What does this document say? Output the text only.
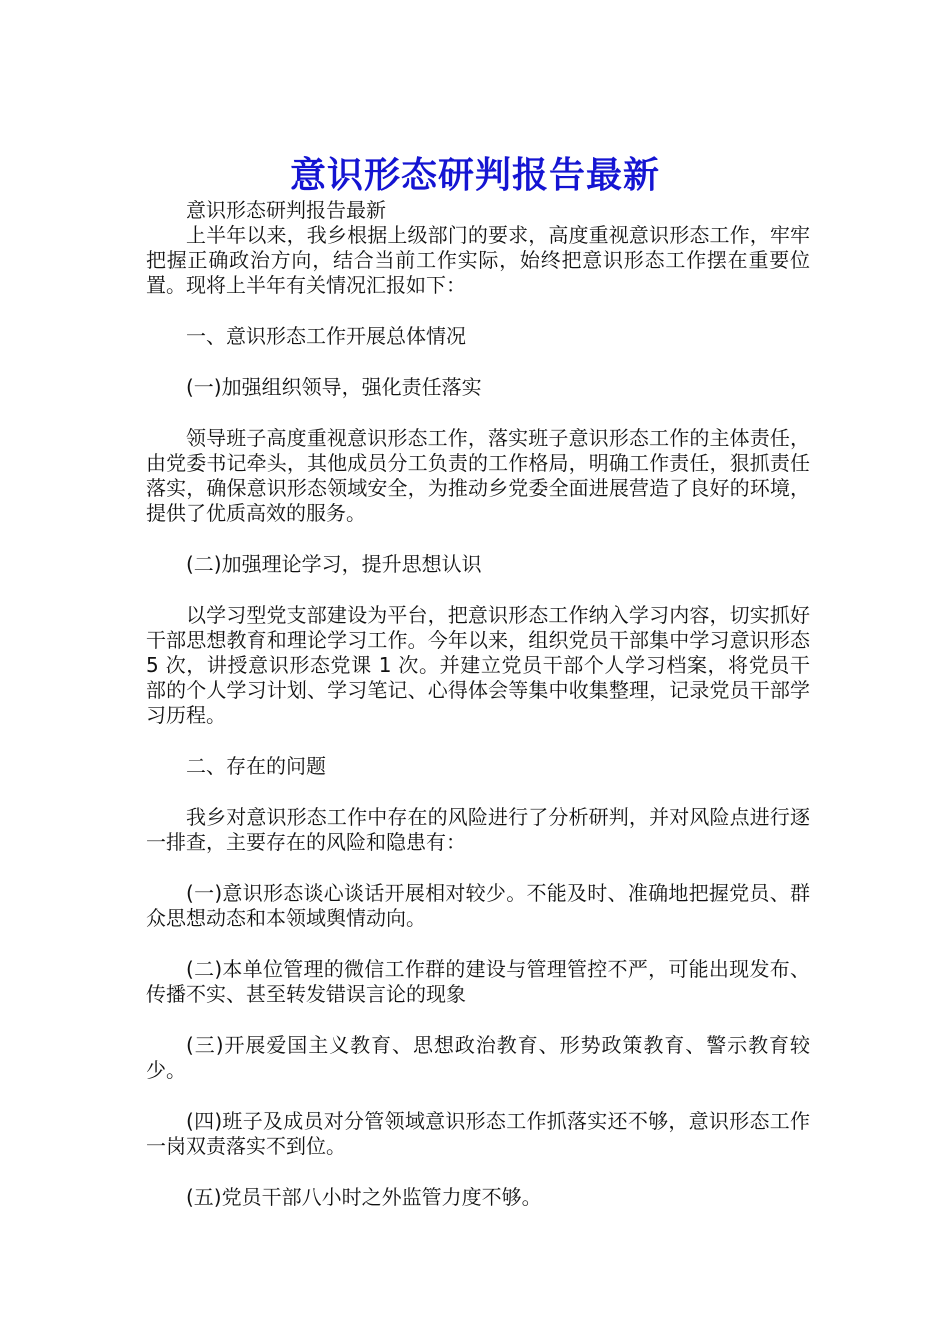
意识形态研判报告最新

意识形态研判报告最新

上半年以来，我乡根据上级部门的要求，高度重视意识形态工作，牢牢把握正确政治方向，结合当前工作实际，始终把意识形态工作摆在重要位置。现将上半年有关情况汇报如下：

一、意识形态工作开展总体情况

(一)加强组织领导，强化责任落实

领导班子高度重视意识形态工作，落实班子意识形态工作的主体责任，由党委书记牵头，其他成员分工负责的工作格局，明确工作责任，狠抓责任落实，确保意识形态领域安全，为推动乡党委全面进展营造了良好的环境，提供了优质高效的服务。

(二)加强理论学习，提升思想认识

以学习型党支部建设为平台，把意识形态工作纳入学习内容，切实抓好干部思想教育和理论学习工作。今年以来，组织党员干部集中学习意识形态 5 次，讲授意识形态党课 1 次。并建立党员干部个人学习档案，将党员干部的个人学习计划、学习笔记、心得体会等集中收集整理，记录党员干部学习历程。

二、存在的问题

我乡对意识形态工作中存在的风险进行了分析研判，并对风险点进行逐一排查，主要存在的风险和隐患有：

(一)意识形态谈心谈话开展相对较少。不能及时、准确地把握党员、群众思想动态和本领域舆情动向。

(二)本单位管理的微信工作群的建设与管理管控不严，可能出现发布、传播不实、甚至转发错误言论的现象

(三)开展爱国主义教育、思想政治教育、形势政策教育、警示教育较少。

(四)班子及成员对分管领域意识形态工作抓落实还不够，意识形态工作一岗双责落实不到位。

(五)党员干部八小时之外监管力度不够。
